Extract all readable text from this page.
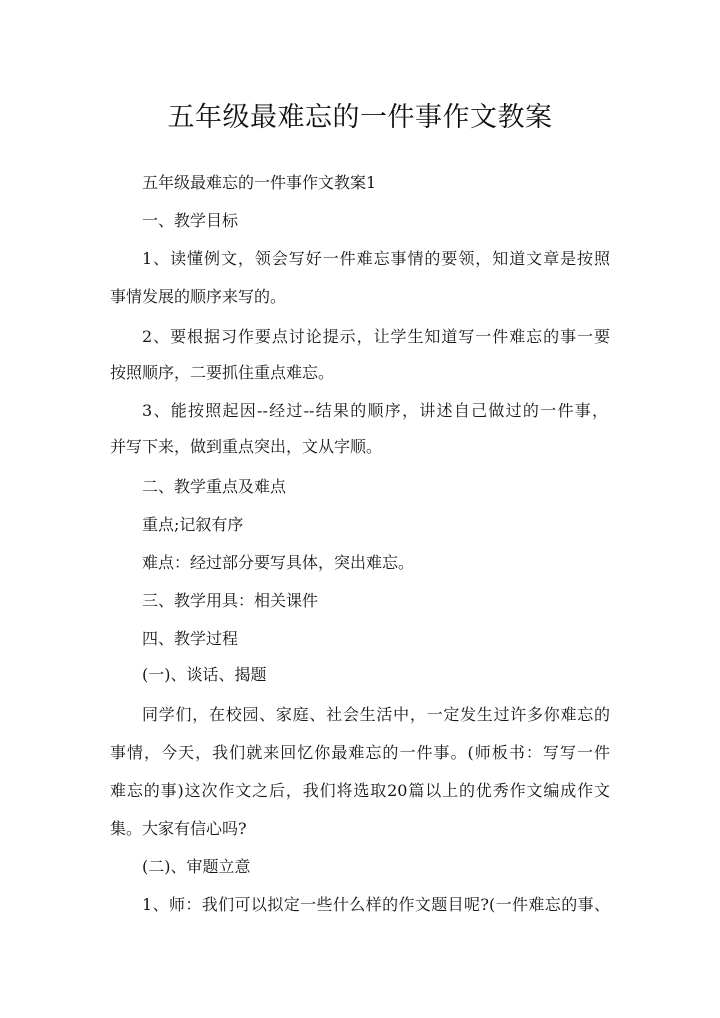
五年级最难忘的一件事作文教案
五年级最难忘的一件事作文教案1
一、教学目标
1、读懂例文，领会写好一件难忘事情的要领，知道文章是按照
事情发展的顺序来写的。
2、要根据习作要点讨论提示，让学生知道写一件难忘的事一要
按照顺序，二要抓住重点难忘。
3、能按照起因--经过--结果的顺序，讲述自己做过的一件事，
并写下来，做到重点突出，文从字顺。
二、教学重点及难点
重点;记叙有序
难点：经过部分要写具体，突出难忘。
三、教学用具：相关课件
四、教学过程
(一)、谈话、揭题
同学们，在校园、家庭、社会生活中，一定发生过许多你难忘的
事情，今天，我们就来回忆你最难忘的一件事。(师板书：写写一件
难忘的事)这次作文之后，我们将选取20篇以上的优秀作文编成作文
集。大家有信心吗?
(二)、审题立意
1、师：我们可以拟定一些什么样的作文题目呢?(一件难忘的事、
